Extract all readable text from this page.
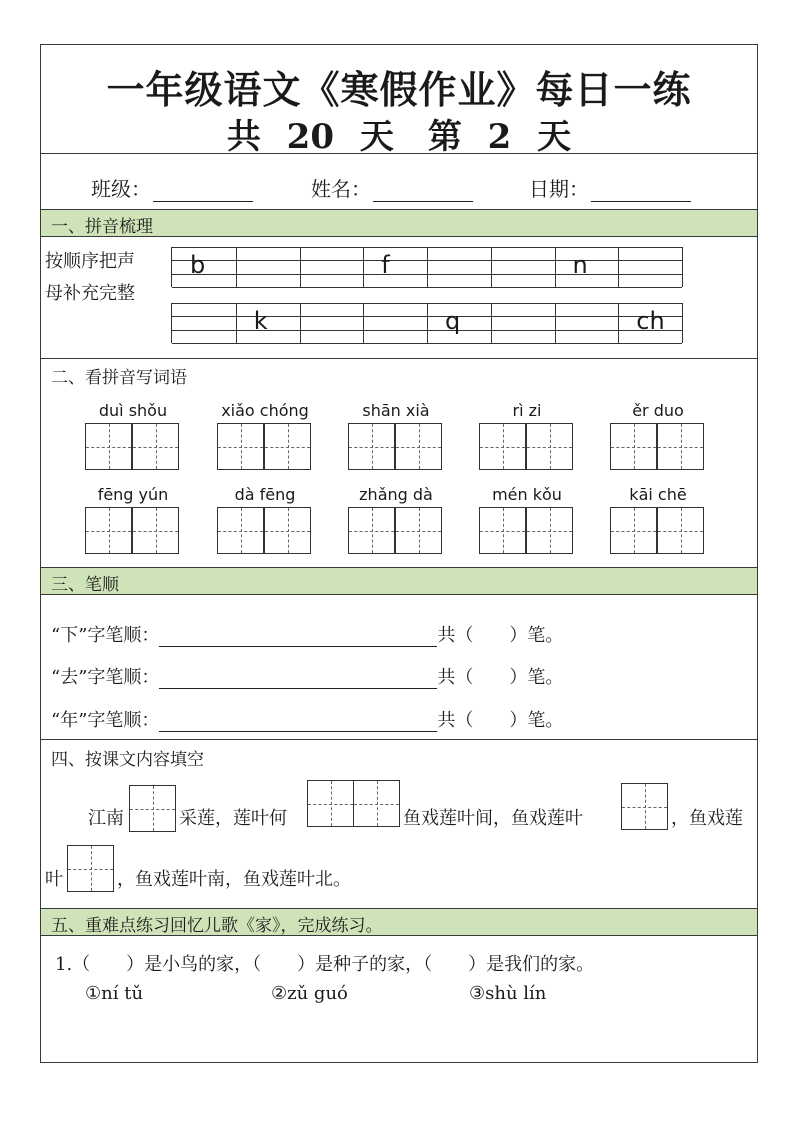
一年级语文《寒假作业》每日一练
共 20 天　第 2 天
班级：	姓名：	日期：
一、拼音梳理
按顺序把声
母补充完整
b	f	n
k	q	ch
二、看拼音写词语
duì shǒu	xiǎo chóng	shān xià	rì zi	ěr duo
fēng yún	dà fēng	zhǎng dà	mén kǒu	kāi chē
三、笔顺
“下”字笔顺：	共（　　）笔。
“去”字笔顺：	共（　　）笔。
“年”字笔顺：	共（　　）笔。
四、按课文内容填空
江南	采莲，莲叶何	鱼戏莲叶间，鱼戏莲叶	，鱼戏莲
叶	，鱼戏莲叶南，鱼戏莲叶北。
五、重难点练习回忆儿歌《家》，完成练习。
1.（　　）是小鸟的家，（　　）是种子的家，（　　）是我们的家。
①ní tǔ	②zǔ guó	③shù lín
